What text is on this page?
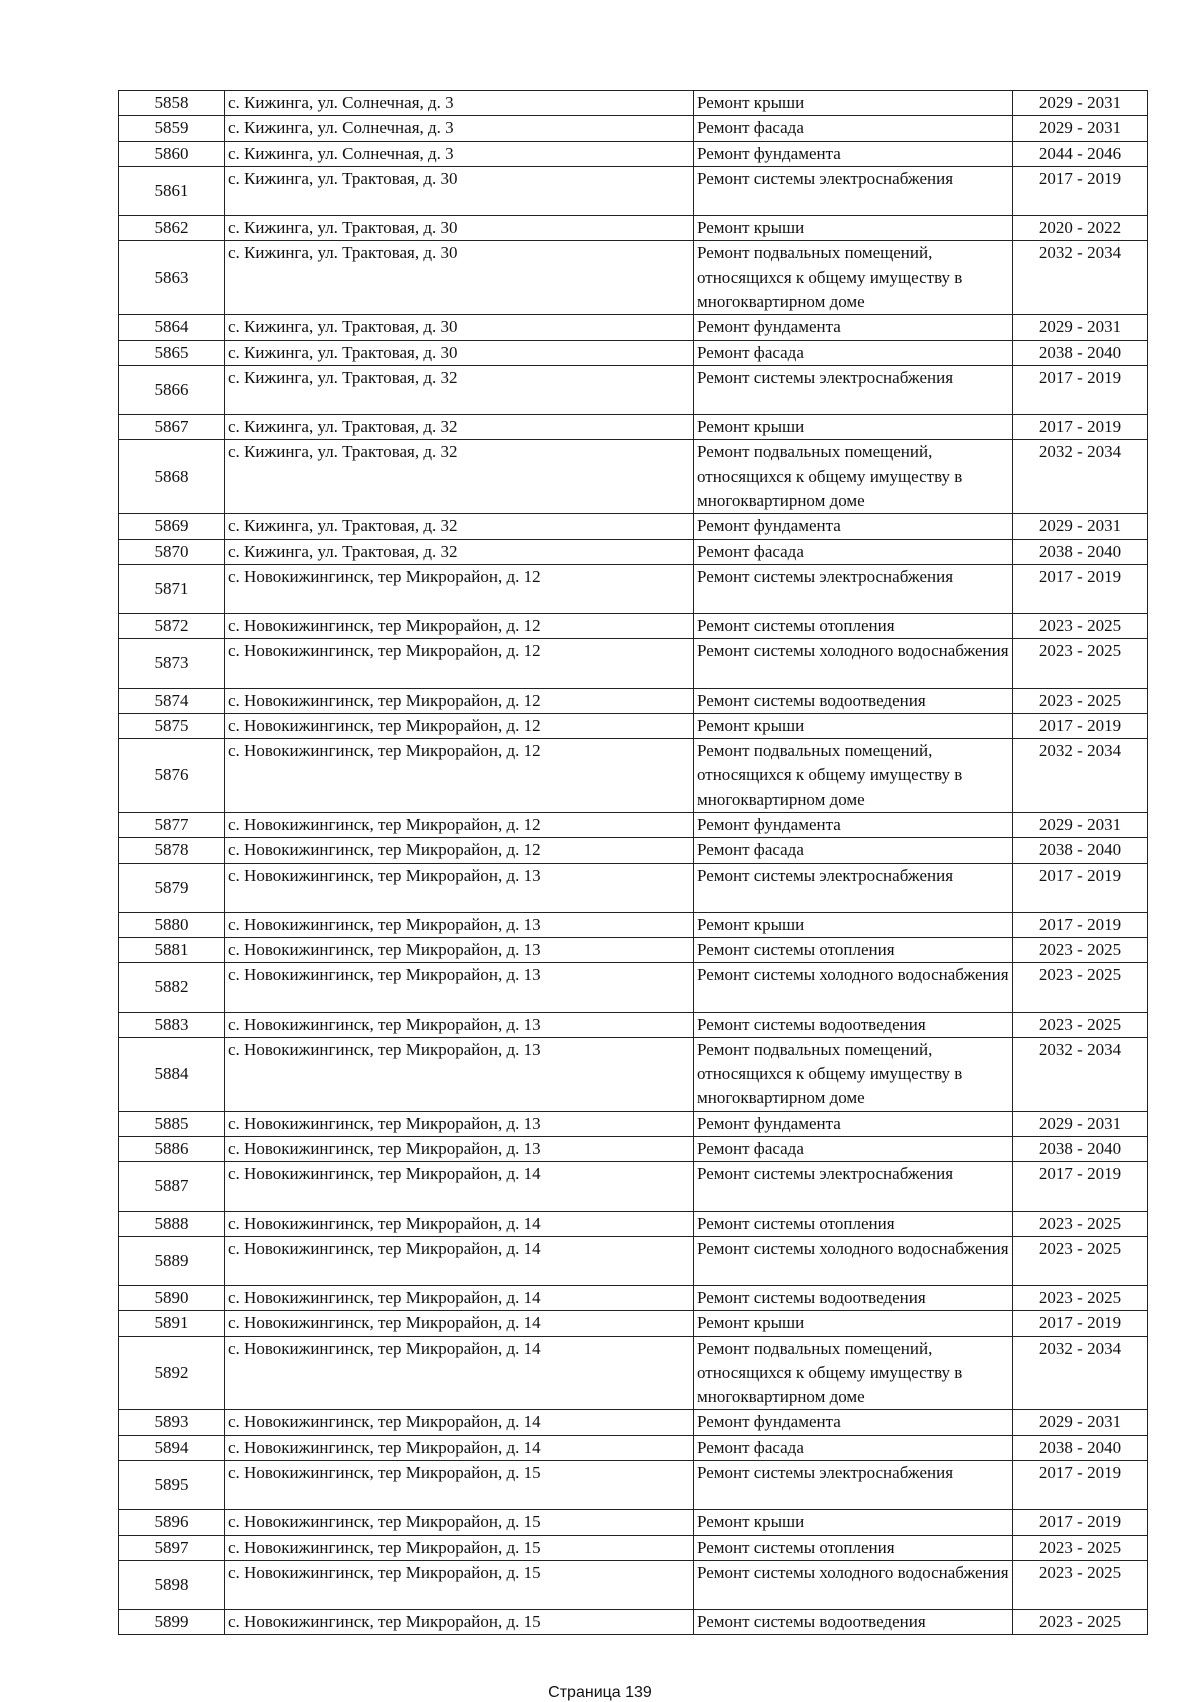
5858	с. Кижинга, ул. Солнечная, д. 3	Ремонт крыши	2029 - 2031
5859	с. Кижинга, ул. Солнечная, д. 3	Ремонт фасада	2029 - 2031
5860	с. Кижинга, ул. Солнечная, д. 3	Ремонт фундамента	2044 - 2046
5861	с. Кижинга, ул. Трактовая, д. 30	Ремонт системы электроснабжения	2017 - 2019
5862	с. Кижинга, ул. Трактовая, д. 30	Ремонт крыши	2020 - 2022
5863	с. Кижинга, ул. Трактовая, д. 30	Ремонт подвальных помещений, относящихся к общему имуществу в многоквартирном доме	2032 - 2034
5864	с. Кижинга, ул. Трактовая, д. 30	Ремонт фундамента	2029 - 2031
5865	с. Кижинга, ул. Трактовая, д. 30	Ремонт фасада	2038 - 2040
5866	с. Кижинга, ул. Трактовая, д. 32	Ремонт системы электроснабжения	2017 - 2019
5867	с. Кижинга, ул. Трактовая, д. 32	Ремонт крыши	2017 - 2019
5868	с. Кижинга, ул. Трактовая, д. 32	Ремонт подвальных помещений, относящихся к общему имуществу в многоквартирном доме	2032 - 2034
5869	с. Кижинга, ул. Трактовая, д. 32	Ремонт фундамента	2029 - 2031
5870	с. Кижинга, ул. Трактовая, д. 32	Ремонт фасада	2038 - 2040
5871	с. Новокижингинск, тер Микрорайон, д. 12	Ремонт системы электроснабжения	2017 - 2019
5872	с. Новокижингинск, тер Микрорайон, д. 12	Ремонт системы отопления	2023 - 2025
5873	с. Новокижингинск, тер Микрорайон, д. 12	Ремонт системы холодного водоснабжения	2023 - 2025
5874	с. Новокижингинск, тер Микрорайон, д. 12	Ремонт системы водоотведения	2023 - 2025
5875	с. Новокижингинск, тер Микрорайон, д. 12	Ремонт крыши	2017 - 2019
5876	с. Новокижингинск, тер Микрорайон, д. 12	Ремонт подвальных помещений, относящихся к общему имуществу в многоквартирном доме	2032 - 2034
5877	с. Новокижингинск, тер Микрорайон, д. 12	Ремонт фундамента	2029 - 2031
5878	с. Новокижингинск, тер Микрорайон, д. 12	Ремонт фасада	2038 - 2040
5879	с. Новокижингинск, тер Микрорайон, д. 13	Ремонт системы электроснабжения	2017 - 2019
5880	с. Новокижингинск, тер Микрорайон, д. 13	Ремонт крыши	2017 - 2019
5881	с. Новокижингинск, тер Микрорайон, д. 13	Ремонт системы отопления	2023 - 2025
5882	с. Новокижингинск, тер Микрорайон, д. 13	Ремонт системы холодного водоснабжения	2023 - 2025
5883	с. Новокижингинск, тер Микрорайон, д. 13	Ремонт системы водоотведения	2023 - 2025
5884	с. Новокижингинск, тер Микрорайон, д. 13	Ремонт подвальных помещений, относящихся к общему имуществу в многоквартирном доме	2032 - 2034
5885	с. Новокижингинск, тер Микрорайон, д. 13	Ремонт фундамента	2029 - 2031
5886	с. Новокижингинск, тер Микрорайон, д. 13	Ремонт фасада	2038 - 2040
5887	с. Новокижингинск, тер Микрорайон, д. 14	Ремонт системы электроснабжения	2017 - 2019
5888	с. Новокижингинск, тер Микрорайон, д. 14	Ремонт системы отопления	2023 - 2025
5889	с. Новокижингинск, тер Микрорайон, д. 14	Ремонт системы холодного водоснабжения	2023 - 2025
5890	с. Новокижингинск, тер Микрорайон, д. 14	Ремонт системы водоотведения	2023 - 2025
5891	с. Новокижингинск, тер Микрорайон, д. 14	Ремонт крыши	2017 - 2019
5892	с. Новокижингинск, тер Микрорайон, д. 14	Ремонт подвальных помещений, относящихся к общему имуществу в многоквартирном доме	2032 - 2034
5893	с. Новокижингинск, тер Микрорайон, д. 14	Ремонт фундамента	2029 - 2031
5894	с. Новокижингинск, тер Микрорайон, д. 14	Ремонт фасада	2038 - 2040
5895	с. Новокижингинск, тер Микрорайон, д. 15	Ремонт системы электроснабжения	2017 - 2019
5896	с. Новокижингинск, тер Микрорайон, д. 15	Ремонт крыши	2017 - 2019
5897	с. Новокижингинск, тер Микрорайон, д. 15	Ремонт системы отопления	2023 - 2025
5898	с. Новокижингинск, тер Микрорайон, д. 15	Ремонт системы холодного водоснабжения	2023 - 2025
5899	с. Новокижингинск, тер Микрорайон, д. 15	Ремонт системы водоотведения	2023 - 2025
Страница 139
